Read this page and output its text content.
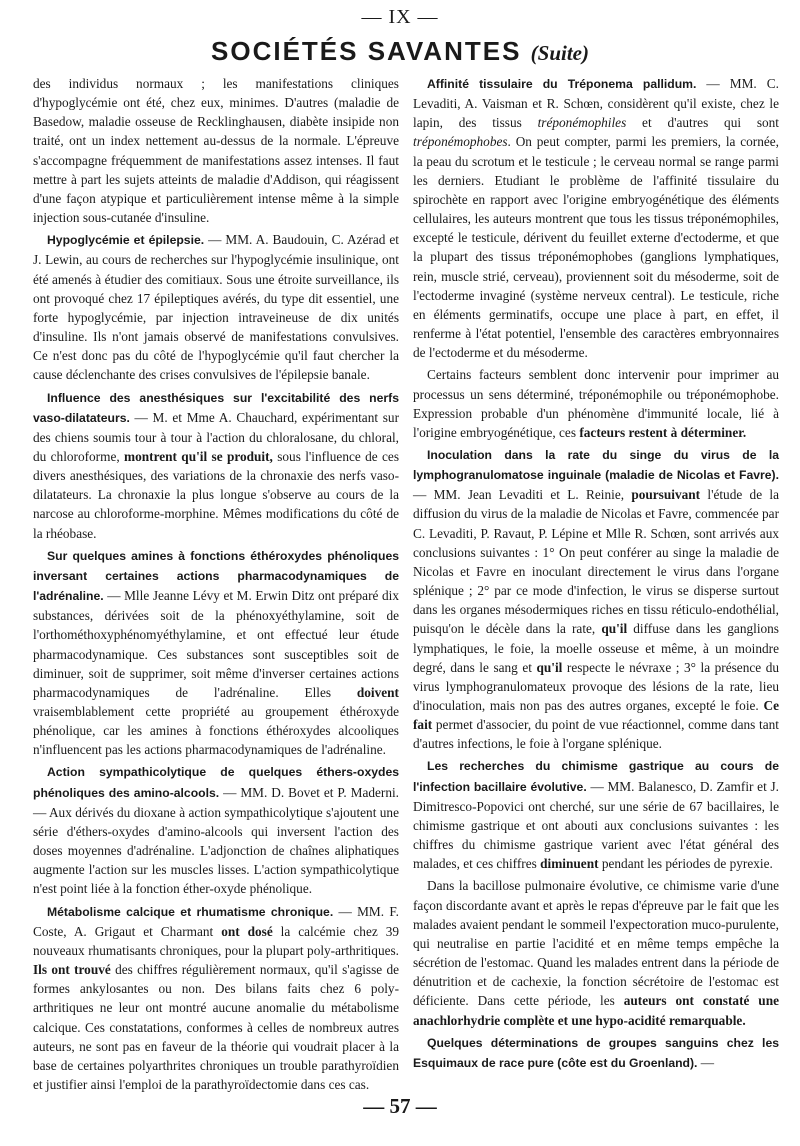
— IX —
SOCIÉTÉS SAVANTES (Suite)

des individus normaux ; les manifestations cliniques d'hypoglycémie ont été, chez eux, minimes. D'autres (maladie de Basedow, maladie osseuse de Recklinghausen, diabète insipide non traité, ont un index nettement au-dessus de la normale. L'épreuve s'accompagne fréquemment de manifestations assez intenses. Il faut mettre à part les sujets atteints de maladie d'Addison, qui réagissent d'une façon atypique et particulièrement intense même à la simple injection sous-cutanée d'insuline.

Hypoglycémie et épilepsie. — MM. A. Baudouin, C. Azérad et J. Lewin, au cours de recherches sur l'hypoglycémie insulinique, ont été amenés à étudier des comitiaux. Sous une étroite surveillance, ils ont provoqué chez 17 épileptiques avérés, du type dit essentiel, une forte hypoglycémie, par injection intraveineuse de dix unités d'insuline. Ils n'ont jamais observé de manifestations convulsives. Ce n'est donc pas du côté de l'hypoglycémie qu'il faut chercher la cause déclenchante des crises convulsives de l'épilepsie banale.

Influence des anesthésiques sur l'excitabilité des nerfs vaso-dilatateurs. — M. et Mme A. Chauchard, expérimentant sur des chiens soumis tour à tour à l'action du chloralosane, du chloral, du chloroforme, montrent qu'il se produit, sous l'influence de ces divers anesthésiques, des variations de la chronaxie des nerfs vaso-dilatateurs. La chronaxie la plus longue s'observe au cours de la narcose au chloroforme-morphine. Mêmes modifications du côté de la rhéobase.

Sur quelques amines à fonctions éthéroxydes phénoliques inversant certaines actions pharmacodynamiques de l'adrénaline. — Mlle Jeanne Lévy et M. Erwin Ditz ont préparé dix substances, dérivées soit de la phénoxyéthylamine, soit de l'orthométhoxyphénomyéthylamine, et ont effectué leur étude pharmacodynamique. Ces substances sont susceptibles soit de diminuer, soit de supprimer, soit même d'inverser certaines actions pharmacodynamiques de l'adrénaline. Elles doivent vraisemblablement cette propriété au groupement éthéroxyde phénolique, car les amines à fonctions éthéroxydes alcooliques n'influencent pas les actions pharmacodynamiques de l'adrénaline.

Action sympathicolytique de quelques éthers-oxydes phénoliques des amino-alcools. — MM. D. Bovet et P. Maderni. — Aux dérivés du dioxane à action sympathicolytique s'ajoutent une série d'éthers-oxydes d'amino-alcools qui inversent l'action des doses moyennes d'adrénaline. L'adjonction de chaînes aliphatiques augmente l'action sur les muscles lisses. L'action sympathicolytique n'est point liée à la fonction éther-oxyde phénolique.

Métabolisme calcique et rhumatisme chronique. — MM. F. Coste, A. Grigaut et Charmant ont dosé la calcémie chez 39 nouveaux rhumatisants chroniques, pour la plupart poly-arthritiques. Ils ont trouvé des chiffres régulièrement normaux, qu'il s'agisse de formes ankylosantes ou non. Des bilans faits chez 6 poly-arthritiques ne leur ont montré aucune anomalie du métabolisme calcique. Ces constatations, conformes à celles de nombreux autres auteurs, ne sont pas en faveur de la théorie qui voudrait placer à la base de certaines polyarthrites chroniques un trouble parathyroïdien et justifier ainsi l'emploi de la parathyroïdectomie dans ces cas.

Affinité tissulaire du Tréponema pallidum. — MM. C. Levaditi, A. Vaisman et R. Schœn, considèrent qu'il existe, chez le lapin, des tissus tréponémophiles et d'autres qui sont tréponémophobes. On peut compter, parmi les premiers, la cornée, la peau du scrotum et le testicule ; le cerveau normal se range parmi les derniers. Etudiant le problème de l'affinité tissulaire du spirochète en rapport avec l'origine embryogénétique des éléments cellulaires, les auteurs montrent que tous les tissus tréponémophiles, excepté le testicule, dérivent du feuillet externe d'ectoderme, et que la plupart des tissus tréponémophobes (ganglions lymphatiques, rein, muscle strié, cerveau), proviennent soit du mésoderme, soit de l'ectoderme invaginé (système nerveux central). Le testicule, riche en éléments germinatifs, occupe une place à part, en effet, il renferme à l'état potentiel, l'ensemble des caractères embryonnaires de l'ectoderme et du mésoderme.

Certains facteurs semblent donc intervenir pour imprimer au processus un sens déterminé, tréponémophile ou tréponémophobe. Expression probable d'un phénomène d'immunité locale, lié à l'origine embryogénétique, ces facteurs restent à déterminer.

Inoculation dans la rate du singe du virus de la lymphogranulomatose inguinale (maladie de Nicolas et Favre). — MM. Jean Levaditi et L. Reinie, poursuivant l'étude de la diffusion du virus de la maladie de Nicolas et Favre, commencée par C. Levaditi, P. Ravaut, P. Lépine et Mlle R. Schœn, sont arrivés aux conclusions suivantes : 1° On peut conférer au singe la maladie de Nicolas et Favre en inoculant directement le virus dans l'organe splénique ; 2° par ce mode d'infection, le virus se disperse surtout dans les organes mésodermiques riches en tissu réticulo-endothélial, puisqu'on le décèle dans la rate, qu'il diffuse dans les ganglions lymphatiques, le foie, la moelle osseuse et même, à un moindre degré, dans le sang et qu'il respecte le névraxe ; 3° la présence du virus lymphogranulomateux provoque des lésions de la rate, lieu d'inoculation, mais non pas des autres organes, excepté le foie. Ce fait permet d'associer, du point de vue réactionnel, comme dans tant d'autres infections, le foie à l'organe splénique.

Les recherches du chimisme gastrique au cours de l'infection bacillaire évolutive. — MM. Balanesco, D. Zamfir et J. Dimitresco-Popovici ont cherché, sur une série de 67 bacillaires, le chimisme gastrique et ont abouti aux conclusions suivantes : les chiffres du chimisme gastrique varient avec l'état général des malades, et ces chiffres diminuent pendant les périodes de pyrexie.

Dans la bacillose pulmonaire évolutive, ce chimisme varie d'une façon discordante avant et après le repas d'épreuve par le fait que les malades avaient pendant le sommeil l'expectoration muco-purulente, qui neutralise en partie l'acidité et en même temps empêche la sécrétion de l'estomac. Quand les malades entrent dans la période de dénutrition et de cachexie, la fonction sécrétoire de l'estomac est déficiente. Dans cette période, les auteurs ont constaté une anachlorhydrie complète et une hypo-acidité remarquable.

Quelques déterminations de groupes sanguins chez les Esquimaux de race pure (côte est du Groenland). —

— 57 —
